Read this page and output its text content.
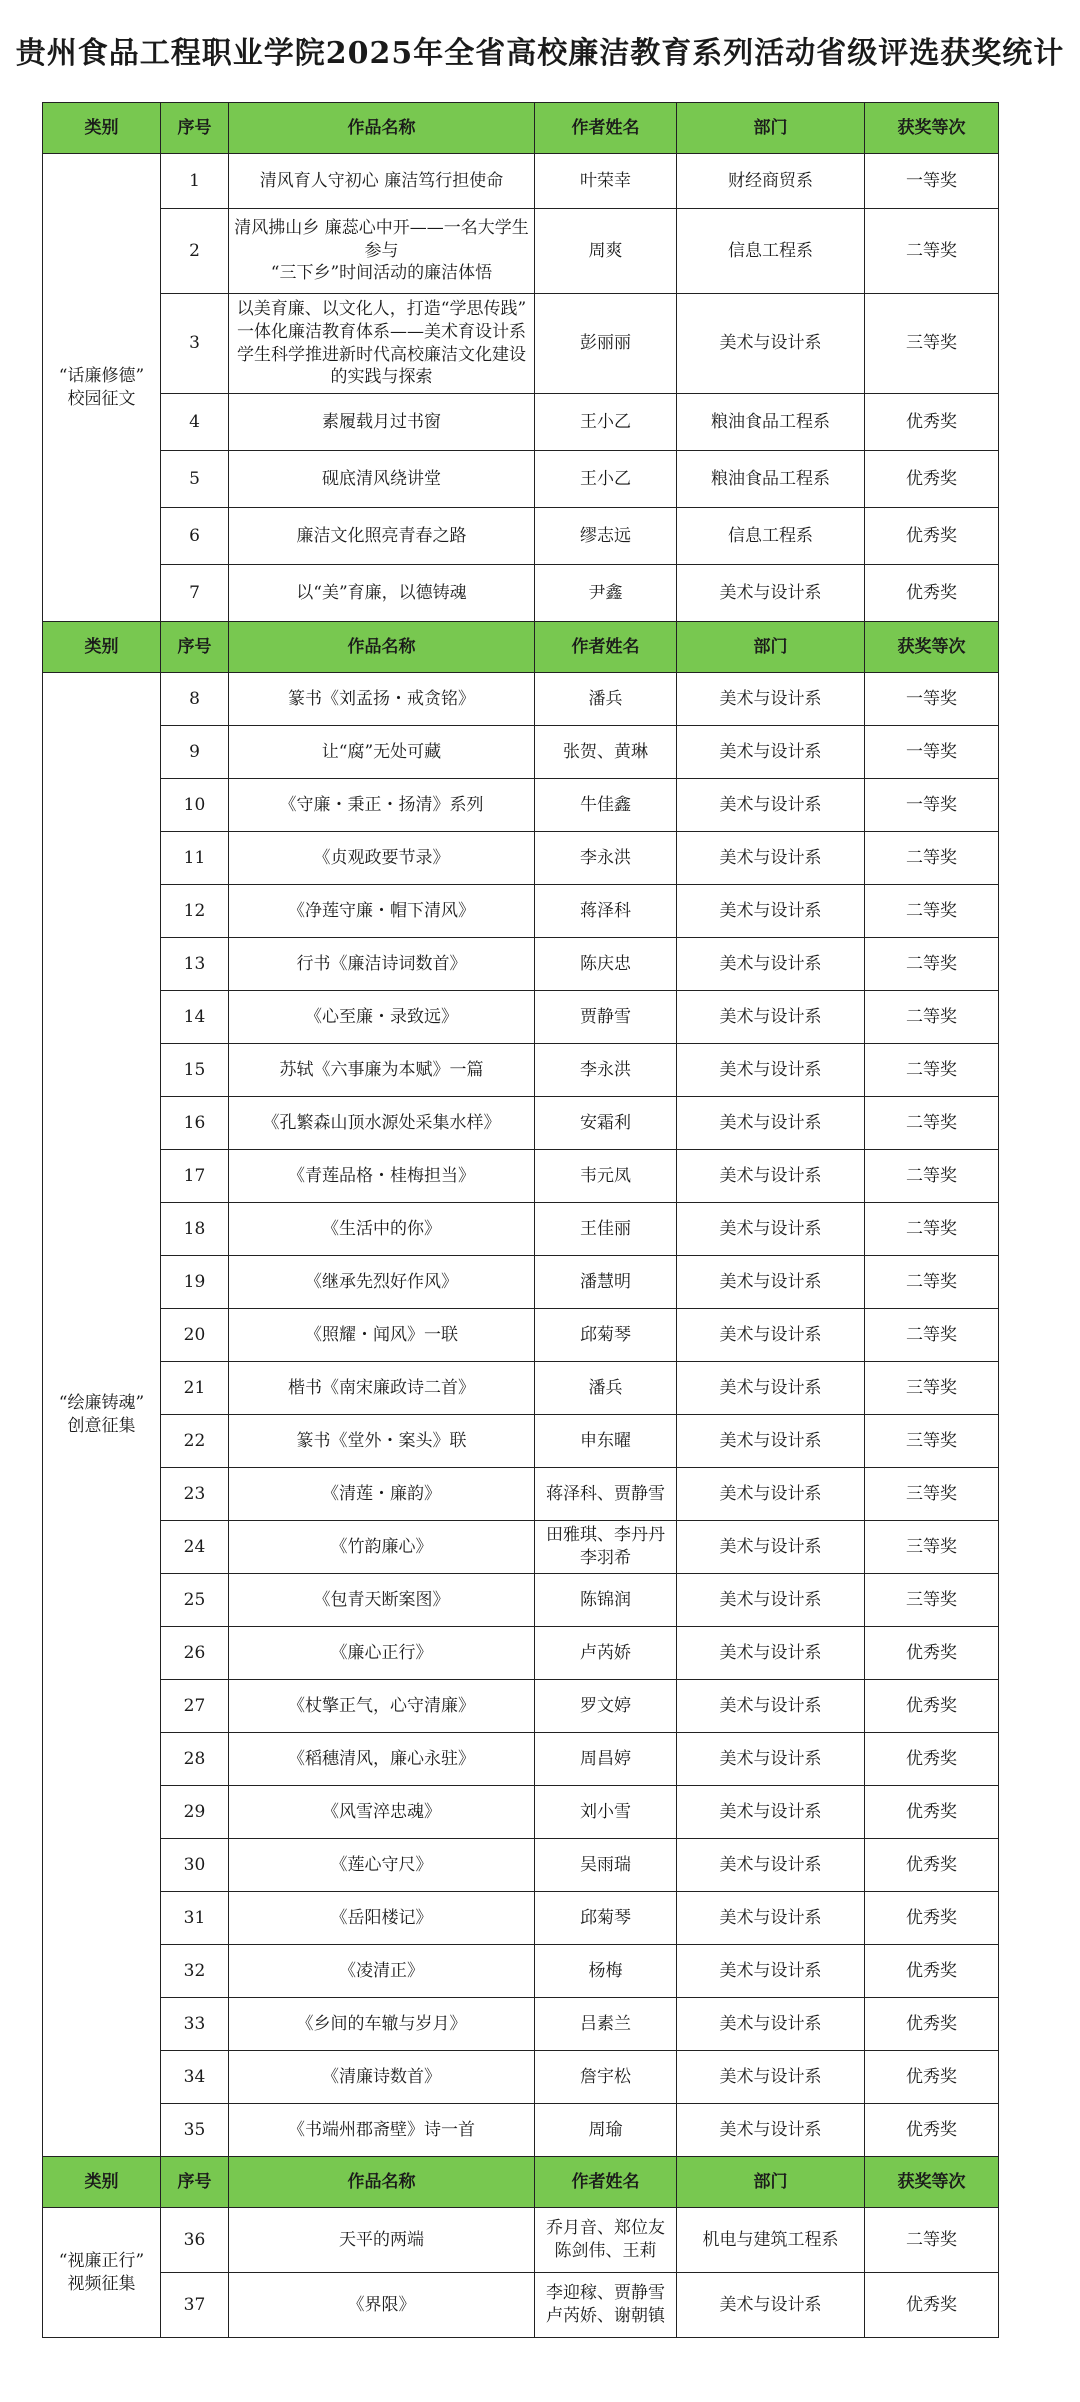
贵州食品工程职业学院2025年全省高校廉洁教育系列活动省级评选获奖统计
类别	序号	作品名称	作者姓名	部门	获奖等次
“话廉修德”
校园征文	1	清风育人守初心 廉洁笃行担使命	叶荣幸	财经商贸系	一等奖
	2	清风拂山乡 廉蕊心中开——一名大学生参与
“三下乡”时间活动的廉洁体悟	周爽	信息工程系	二等奖
	3	以美育廉、以文化人，打造“学思传践”
一体化廉洁教育体系——美术育设计系
学生科学推进新时代高校廉洁文化建设
的实践与探索	彭丽丽	美术与设计系	三等奖
	4	素履载月过书窗	王小乙	粮油食品工程系	优秀奖
	5	砚底清风绕讲堂	王小乙	粮油食品工程系	优秀奖
	6	廉洁文化照亮青春之路	缪志远	信息工程系	优秀奖
	7	以“美”育廉，以德铸魂	尹鑫	美术与设计系	优秀奖
类别	序号	作品名称	作者姓名	部门	获奖等次
“绘廉铸魂”
创意征集	8	篆书《刘孟扬・戒贪铭》	潘兵	美术与设计系	一等奖
	9	让“腐”无处可藏	张贺、黄琳	美术与设计系	一等奖
	10	《守廉・秉正・扬清》系列	牛佳鑫	美术与设计系	一等奖
	11	《贞观政要节录》	李永洪	美术与设计系	二等奖
	12	《净莲守廉・帽下清风》	蒋泽科	美术与设计系	二等奖
	13	行书《廉洁诗词数首》	陈庆忠	美术与设计系	二等奖
	14	《心至廉・录致远》	贾静雪	美术与设计系	二等奖
	15	苏轼《六事廉为本赋》一篇	李永洪	美术与设计系	二等奖
	16	《孔繁森山顶水源处采集水样》	安霜利	美术与设计系	二等奖
	17	《青莲品格・桂梅担当》	韦元凤	美术与设计系	二等奖
	18	《生活中的你》	王佳丽	美术与设计系	二等奖
	19	《继承先烈好作风》	潘慧明	美术与设计系	二等奖
	20	《照耀・闻风》一联	邱菊琴	美术与设计系	二等奖
	21	楷书《南宋廉政诗二首》	潘兵	美术与设计系	三等奖
	22	篆书《堂外・案头》联	申东曜	美术与设计系	三等奖
	23	《清莲・廉韵》	蒋泽科、贾静雪	美术与设计系	三等奖
	24	《竹韵廉心》	田雅琪、李丹丹
李羽希	美术与设计系	三等奖
	25	《包青天断案图》	陈锦润	美术与设计系	三等奖
	26	《廉心正行》	卢芮娇	美术与设计系	优秀奖
	27	《杖擎正气，心守清廉》	罗文婷	美术与设计系	优秀奖
	28	《稻穗清风，廉心永驻》	周昌婷	美术与设计系	优秀奖
	29	《风雪淬忠魂》	刘小雪	美术与设计系	优秀奖
	30	《莲心守尺》	吴雨瑞	美术与设计系	优秀奖
	31	《岳阳楼记》	邱菊琴	美术与设计系	优秀奖
	32	《凌清正》	杨梅	美术与设计系	优秀奖
	33	《乡间的车辙与岁月》	吕素兰	美术与设计系	优秀奖
	34	《清廉诗数首》	詹宇松	美术与设计系	优秀奖
	35	《书端州郡斋壁》诗一首	周瑜	美术与设计系	优秀奖
类别	序号	作品名称	作者姓名	部门	获奖等次
“视廉正行”
视频征集	36	天平的两端	乔月音、郑位友
陈剑伟、王莉	机电与建筑工程系	二等奖
	37	《界限》	李迎稼、贾静雪
卢芮娇、谢朝镇	美术与设计系	优秀奖
